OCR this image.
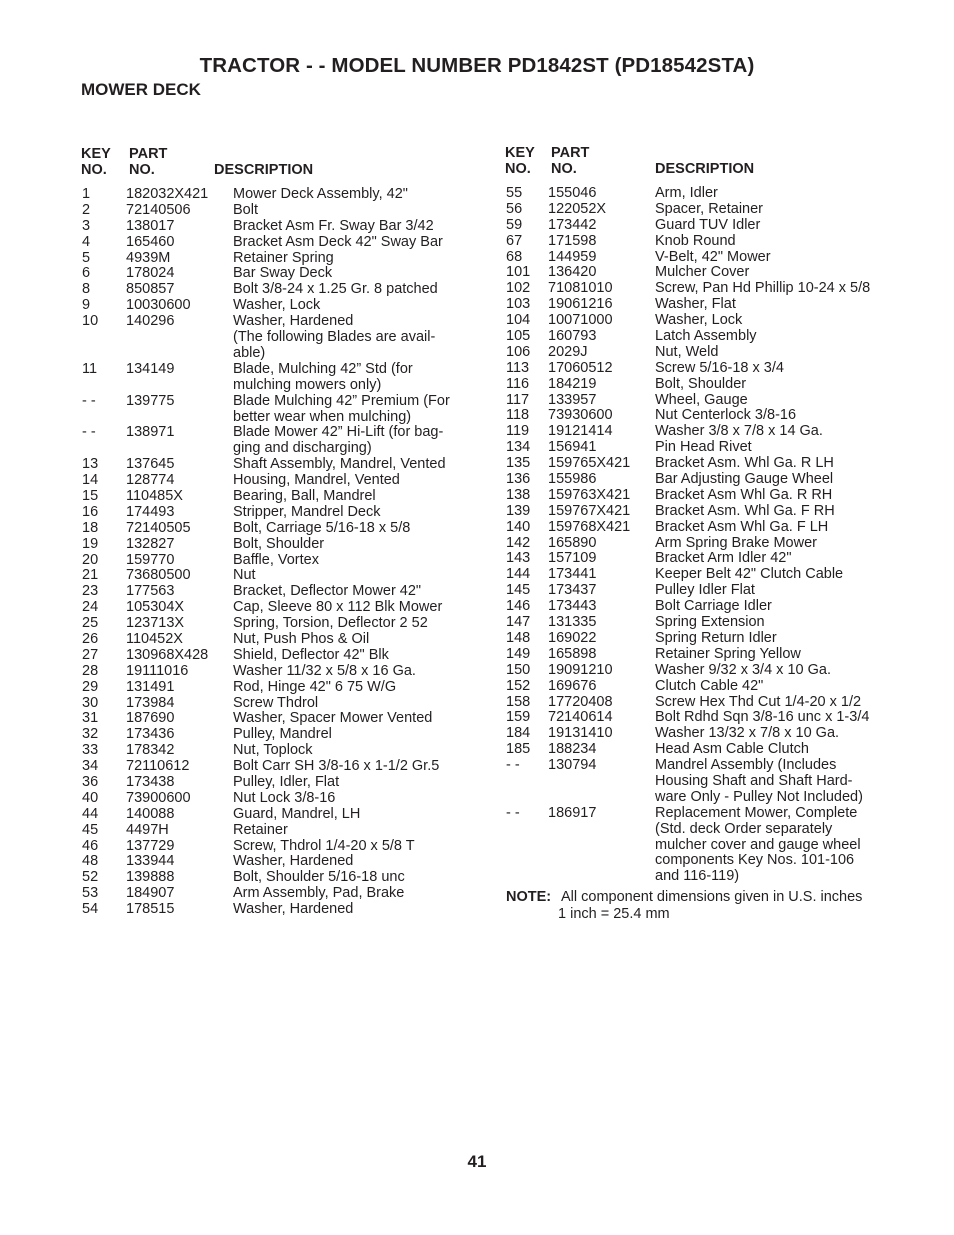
TRACTOR - - MODEL NUMBER PD1842ST (PD18542STA)
MOWER DECK
KEY
NO.
PART
NO.	DESCRIPTION
KEY
NO.
PART
NO.	DESCRIPTION
1 182032X421 Mower Deck Assembly, 42"
2 72140506	Bolt
3 138017	Bracket Asm Fr. Sway Bar 3/42
4 165460	Bracket Asm Deck 42" Sway Bar
5 4939M	Retainer Spring
6 178024	Bar Sway Deck
8 850857	Bolt 3/8-24 x 1.25 Gr. 8 patched
9 10030600	Washer, Lock
10 140296	Washer, Hardened
(The following Blades are avail-
able)
11 134149	Blade, Mulching 42” Std (for
mulching mowers only)
- - 139775	Blade Mulching 42” Premium (For
better wear when mulching)
- - 138971	Blade Mower 42” Hi-Lift (for bag-
ging and discharging)
13 137645	Shaft Assembly, Mandrel, Vented
14 128774	Housing, Mandrel, Vented
15 110485X	Bearing, Ball, Mandrel
16 174493	Stripper, Mandrel Deck
18 72140505	Bolt, Carriage 5/16-18 x 5/8
19 132827	Bolt, Shoulder
20 159770	Baffle, Vortex
21 73680500	Nut
23 177563	Bracket, Deflector Mower 42"
24 105304X	Cap, Sleeve 80 x 112 Blk Mower
25 123713X	Spring, Torsion, Deflector 2 52
26 110452X	Nut, Push Phos & Oil
27 130968X428 Shield, Deflector 42" Blk
28 19111016	Washer 11/32 x 5/8 x 16 Ga.
29 131491	Rod, Hinge 42" 6 75 W/G
30 173984	Screw Thdrol
31 187690	Washer, Spacer Mower Vented
32 173436	Pulley, Mandrel
33 178342	Nut, Toplock
34 72110612	Bolt Carr SH 3/8-16 x 1-1/2 Gr.5
36 173438	Pulley, Idler, Flat
40 73900600	Nut Lock 3/8-16
44 140088	Guard, Mandrel, LH
45 4497H	Retainer
46 137729	Screw, Thdrol 1/4-20 x 5/8 T
48 133944	Washer, Hardened
52 139888	Bolt, Shoulder 5/16-18 unc
53 184907	Arm Assembly, Pad, Brake
54 178515	Washer, Hardened
55 155046	Arm, Idler
56 122052X	Spacer, Retainer
59 173442	Guard TUV Idler
67 171598	Knob Round
68 144959	V-Belt, 42" Mower
101 136420	Mulcher Cover
102 71081010	Screw, Pan Hd Phillip 10-24 x 5/8
103 19061216	Washer, Flat
104 10071000	Washer, Lock
105 160793	Latch Assembly
106 2029J	Nut, Weld
113 17060512	Screw 5/16-18 x 3/4
116 184219	Bolt, Shoulder
117 133957	Wheel, Gauge
118 73930600	Nut Centerlock 3/8-16
119 19121414	Washer 3/8 x 7/8 x 14 Ga.
134 156941	Pin Head Rivet
135 159765X421 Bracket Asm. Whl Ga. R LH
136 155986	Bar Adjusting Gauge Wheel
138 159763X421 Bracket Asm Whl Ga. R RH
139 159767X421 Bracket Asm. Whl Ga. F RH
140 159768X421 Bracket Asm Whl Ga. F LH
142 165890	Arm Spring Brake Mower
143 157109	Bracket Arm Idler 42"
144 173441	Keeper Belt 42" Clutch Cable
145 173437	Pulley Idler Flat
146 173443	Bolt Carriage Idler
147 131335	Spring Extension
148 169022	Spring Return Idler
149 165898	Retainer Spring Yellow
150 19091210	Washer 9/32 x 3/4 x 10 Ga.
152 169676	Clutch Cable 42"
158 17720408	Screw Hex Thd Cut 1/4-20 x 1/2
159 72140614	Bolt Rdhd Sqn 3/8-16 unc x 1-3/4
184 19131410	Washer 13/32 x 7/8 x 10 Ga.
185 188234	Head Asm Cable Clutch
- - 130794	Mandrel Assembly (Includes
Housing Shaft and Shaft Hard-
ware Only - Pulley Not Included)
- - 186917	Replacement Mower, Complete
(Std. deck Order separately
mulcher cover and gauge wheel
components Key Nos. 101-106
and 116-119)
NOTE: All component dimensions given in U.S. inches
1 inch = 25.4 mm
41
